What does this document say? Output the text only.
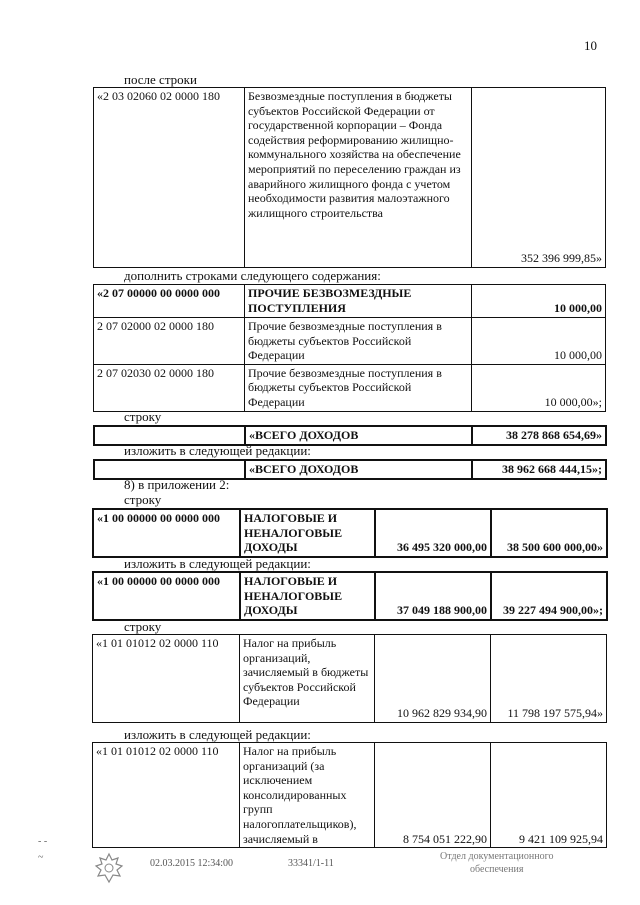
10
после строки
«2 03 02060 02 0000 180	Безвозмездные поступления в бюджеты субъектов Российской Федерации от государственной корпорации – Фонда содействия реформированию жилищно-коммунального хозяйства на обеспечение мероприятий по переселению граждан из аварийного жилищного фонда с учетом необходимости развития малоэтажного жилищного строительства	352 396 999,85»
дополнить строками следующего содержания:
«2 07 00000 00 0000 000	ПРОЧИЕ БЕЗВОЗМЕЗДНЫЕ ПОСТУПЛЕНИЯ	10 000,00
2 07 02000 02 0000 180	Прочие безвозмездные поступления в бюджеты субъектов Российской Федерации	10 000,00
2 07 02030 02 0000 180	Прочие безвозмездные поступления в бюджеты субъектов Российской Федерации	10 000,00»;
строку
	«ВСЕГО ДОХОДОВ	38 278 868 654,69»
изложить в следующей редакции:
	«ВСЕГО ДОХОДОВ	38 962 668 444,15»;
8) в приложении 2:
строку
«1 00 00000 00 0000 000	НАЛОГОВЫЕ И НЕНАЛОГОВЫЕ ДОХОДЫ	36 495 320 000,00	38 500 600 000,00»
изложить в следующей редакции:
«1 00 00000 00 0000 000	НАЛОГОВЫЕ И НЕНАЛОГОВЫЕ ДОХОДЫ	37 049 188 900,00	39 227 494 900,00»;
строку
«1 01 01012 02 0000 110	Налог на прибыль организаций, зачисляемый в бюджеты субъектов Российской Федерации	10 962 829 934,90	11 798 197 575,94»
изложить в следующей редакции:
«1 01 01012 02 0000 110	Налог на прибыль организаций (за исключением консолидированных групп налогоплательщиков), зачисляемый в	8 754 051 222,90	9 421 109 925,94
- -
~
02.03.2015 12:34:00	33341/1-11
Отдел документационного
обеспечения
